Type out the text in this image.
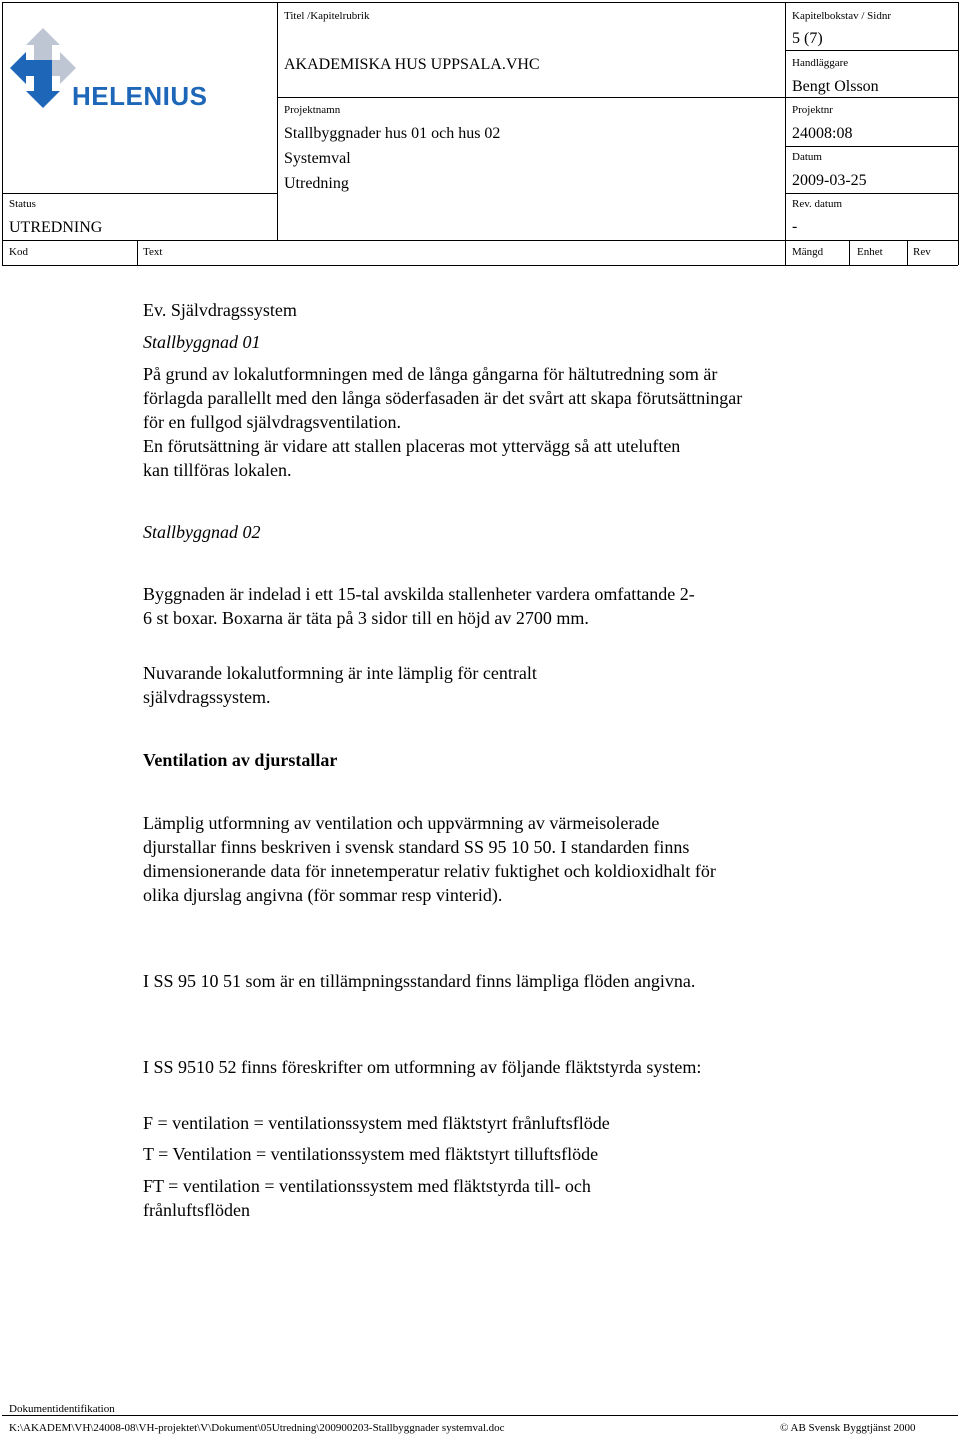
HELENIUS
Titel /Kapitelrubrik
AKADEMISKA HUS UPPSALA.VHC
Kapitelbokstav / Sidnr
5 (7)
Handläggare
Bengt Olsson
Projektnamn
Stallbyggnader hus 01 och hus 02
Projektnr
24008:08
Systemval
Utredning
Datum
2009-03-25
Status
UTREDNING
Rev. datum
-
Kod	Text	Mängd	Enhet	Rev
Ev. Självdragssystem
Stallbyggnad 01
På grund av lokalutformningen med de långa gångarna för hältutredning som är förlagda parallellt med den långa söderfasaden är det svårt att skapa förutsättningar för en fullgod självdragsventilation.
En förutsättning är vidare att stallen placeras mot yttervägg så att uteluften kan tillföras lokalen.
Stallbyggnad 02
Byggnaden är indelad i ett 15-tal avskilda stallenheter vardera omfattande 2-6 st boxar. Boxarna är täta på 3 sidor till en höjd av 2700 mm.
Nuvarande lokalutformning är inte lämplig för centralt självdragssystem.
Ventilation av djurstallar
Lämplig utformning av ventilation och uppvärmning av värmeisolerade djurstallar finns beskriven i svensk standard SS 95 10 50. I standarden finns dimensionerande data för innetemperatur relativ fuktighet och koldioxidhalt för olika djurslag angivna (för sommar resp vinterid).
I SS 95 10 51 som är en tillämpningsstandard finns lämpliga flöden angivna.
I SS 9510 52 finns föreskrifter om utformning av följande fläktstyrda system:
F = ventilation = ventilationssystem med fläktstyrt frånluftsflöde
T = Ventilation = ventilationssystem med fläktstyrt tilluftsflöde
FT = ventilation = ventilationssystem med fläktstyrda till- och frånluftsflöden
Dokumentidentifikation
K:\AKADEM\VH\24008-08\VH-projektet\V\Dokument\05Utredning\200900203-Stallbyggnader systemval.doc	© AB Svensk Byggtjänst 2000
